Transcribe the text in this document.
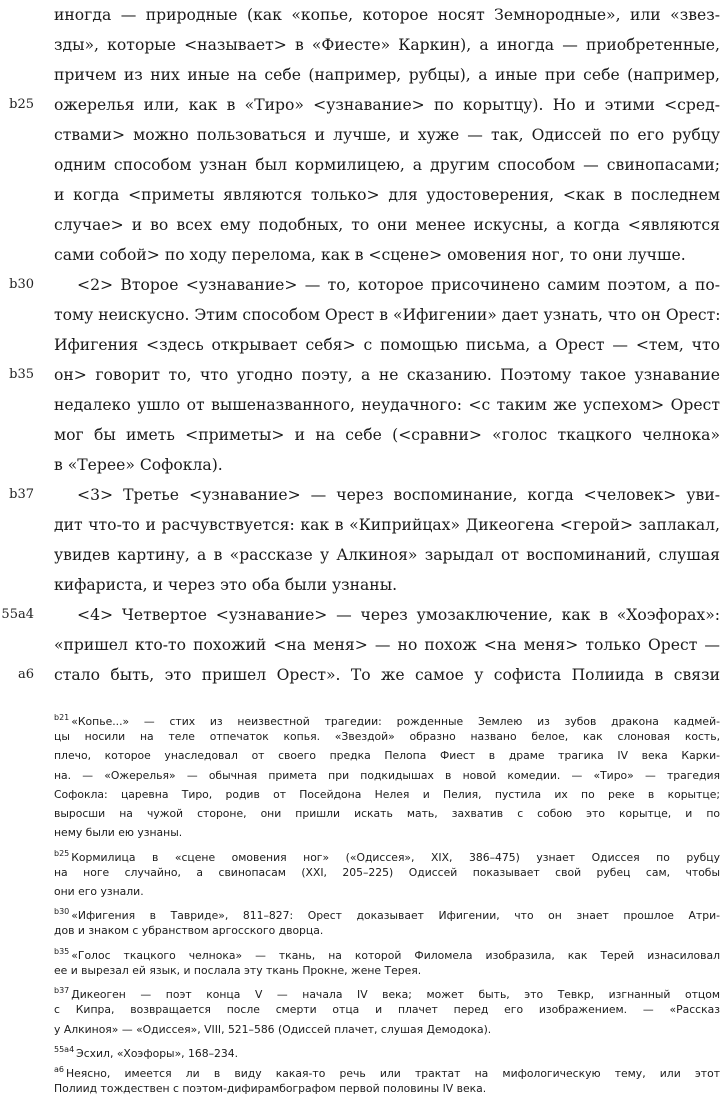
иногда — природные (как «копье, которое носят Земнородные», или «звез-
зды», которые <называет> в «Фиесте» Каркин), а иногда — приобретенные,
причем из них иные на себе (например, рубцы), а иные при себе (например,
ожерелья или, как в «Тиро» <узнавание> по корытцу). Но и этими <сред-
ствами> можно пользоваться и лучше, и хуже — так, Одиссей по его рубцу
одним способом узнан был кормилицею, а другим способом — свинопасами;
и когда <приметы являются только> для удостоверения, <как в последнем
случае> и во всех ему подобных, то они менее искусны, а когда <являются
сами собой> по ходу перелома, как в <сцене> омовения ног, то они лучше.
<2> Второе <узнавание> — то, которое присочинено самим поэтом, а по-
тому неискусно. Этим способом Орест в «Ифигении» дает узнать, что он Орест:
Ифигения <здесь открывает себя> с помощью письма, а Орест — <тем, что
он> говорит то, что угодно поэту, а не сказанию. Поэтому такое узнавание
недалеко ушло от вышеназванного, неудачного: <с таким же успехом> Орест
мог бы иметь <приметы> и на себе (<сравни> «голос ткацкого челнока»
в «Терее» Софокла).
<3> Третье <узнавание> — через воспоминание, когда <человек> уви-
дит что-то и расчувствуется: как в «Киприйцах» Дикеогена <герой> заплакал,
увидев картину, а в «рассказе у Алкиноя» зарыдал от воспоминаний, слушая
кифариста, и через это оба были узнаны.
<4> Четвертое <узнавание> — через умозаключение, как в «Хоэфорах»:
«пришел кто-то похожий <на меня> — но похож <на меня> только Орест —
стало быть, это пришел Орест». То же самое у софиста Полиида в связи
b25
b30
b35
b37
55a4
a6
$^{b21}$ «Копье...» — стих из неизвестной трагедии: рожденные Землею из зубов дракона кадмей-
цы носили на теле отпечаток копья. «Звездой» образно названо белое, как слоновая кость,
плечо, которое унаследовал от своего предка Пелопа Фиест в драме трагика IV века Карки-
на. — «Ожерелья» — обычная примета при подкидышах в новой комедии. — «Тиро» — трагедия
Софокла: царевна Тиро, родив от Посейдона Нелея и Пелия, пустила их по реке в корытце;
выросши на чужой стороне, они пришли искать мать, захватив с собою это корытце, и по
нему были ею узнаны.
$^{b25}$ Кормилица в «сцене омовения ног» («Одиссея», XIX, 386–475) узнает Одиссея по рубцу
на ноге случайно, а свинопасам (XXI, 205–225) Одиссей показывает свой рубец сам, чтобы
они его узнали.
$^{b30}$ «Ифигения в Тавриде», 811–827: Орест доказывает Ифигении, что он знает прошлое Атри-
дов и знаком с убранством аргосского дворца.
$^{b35}$ «Голос ткацкого челнока» — ткань, на которой Филомела изобразила, как Терей изнасиловал
ее и вырезал ей язык, и послала эту ткань Прокне, жене Терея.
$^{b37}$ Дикеоген — поэт конца V — начала IV века; может быть, это Тевкр, изгнанный отцом
с Кипра, возвращается после смерти отца и плачет перед его изображением. — «Рассказ
у Алкиноя» — «Одиссея», VIII, 521–586 (Одиссей плачет, слушая Демодока).
$^{55a4}$ Эсхил, «Хоэфоры», 168–234.
$^{a6}$ Неясно, имеется ли в виду какая-то речь или трактат на мифологическую тему, или этот
Полиид тождествен с поэтом-дифирамбографом первой половины IV века.
